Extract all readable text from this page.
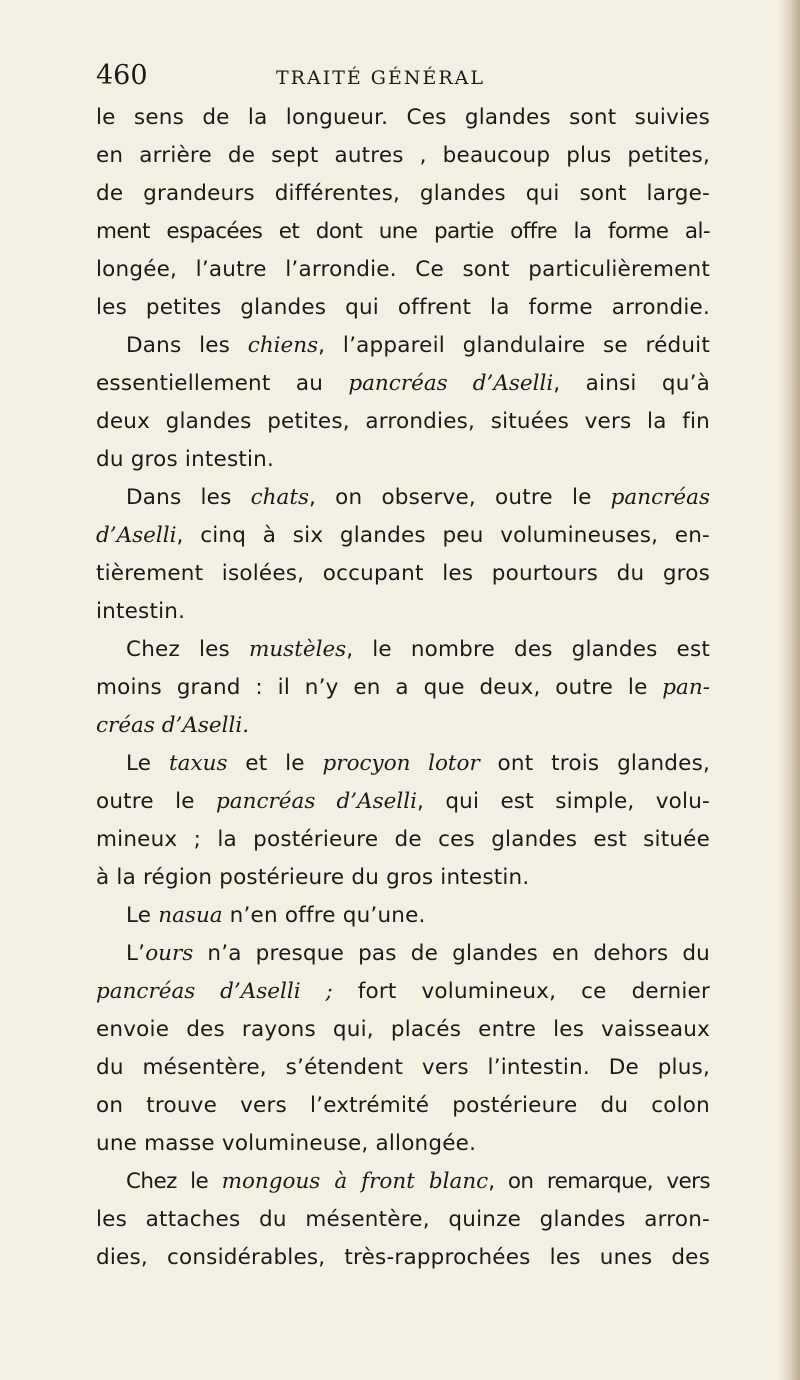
460	TRAITÉ GÉNÉRAL
le sens de la longueur. Ces glandes sont suivies
en arrière de sept autres , beaucoup plus petites,
de grandeurs différentes, glandes qui sont large-
ment espacées et dont une partie offre la forme al-
longée, l’autre l’arrondie. Ce sont particulièrement
les petites glandes qui offrent la forme arrondie.
Dans les chiens, l’appareil glandulaire se réduit
essentiellement au pancréas d’Aselli, ainsi qu’à
deux glandes petites, arrondies, situées vers la fin
du gros intestin.
Dans les chats, on observe, outre le pancréas
d’Aselli, cinq à six glandes peu volumineuses, en-
tièrement isolées, occupant les pourtours du gros
intestin.
Chez les mustèles, le nombre des glandes est
moins grand : il n’y en a que deux, outre le pan-
créas d’Aselli.
Le taxus et le procyon lotor ont trois glandes,
outre le pancréas d’Aselli, qui est simple, volu-
mineux ; la postérieure de ces glandes est située
à la région postérieure du gros intestin.
Le nasua n’en offre qu’une.
L’ours n’a presque pas de glandes en dehors du
pancréas d’Aselli ; fort volumineux, ce dernier
envoie des rayons qui, placés entre les vaisseaux
du mésentère, s’étendent vers l’intestin. De plus,
on trouve vers l’extrémité postérieure du colon
une masse volumineuse, allongée.
Chez le mongous à front blanc, on remarque, vers
les attaches du mésentère, quinze glandes arron-
dies, considérables, très-rapprochées les unes des
